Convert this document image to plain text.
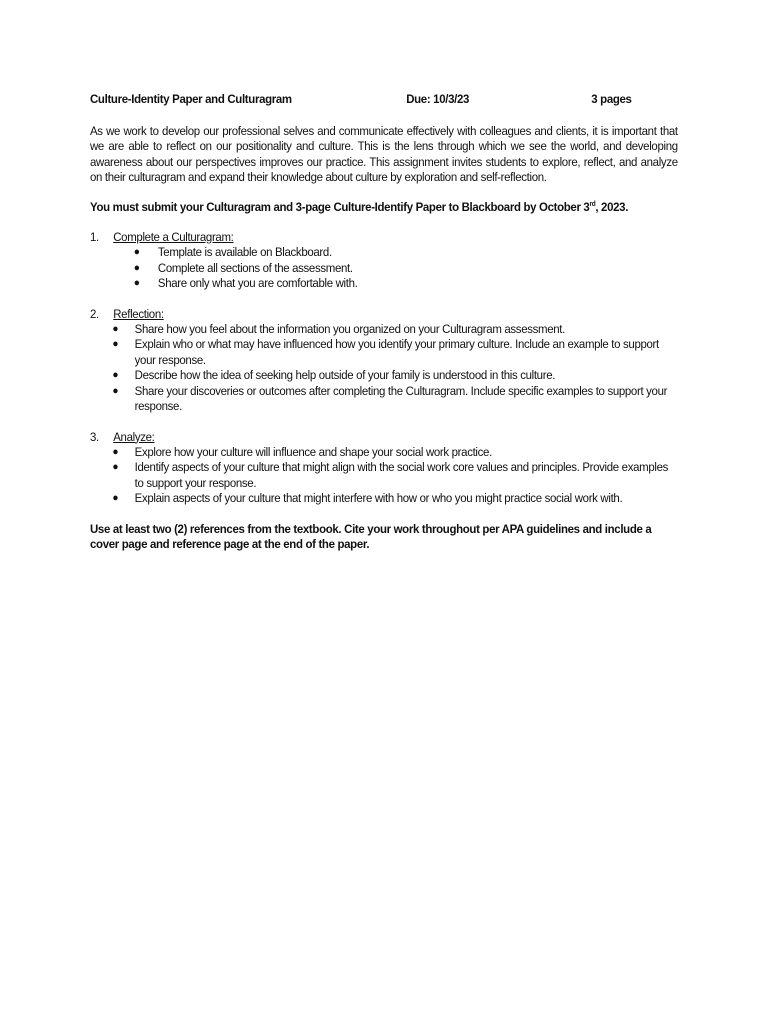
Culture-Identity Paper and Culturagram	Due: 10/3/23	3 pages
As we work to develop our professional selves and communicate effectively with colleagues and clients, it is important that we are able to reflect on our positionality and culture. This is the lens through which we see the world, and developing awareness about our perspectives improves our practice. This assignment invites students to explore, reflect, and analyze on their culturagram and expand their knowledge about culture by exploration and self-reflection.
You must submit your Culturagram and 3-page Culture-Identify Paper to Blackboard by October 3rd, 2023.
1. Complete a Culturagram:
● Template is available on Blackboard.
● Complete all sections of the assessment.
● Share only what you are comfortable with.
2. Reflection:
● Share how you feel about the information you organized on your Culturagram assessment.
● Explain who or what may have influenced how you identify your primary culture. Include an example to support your response.
● Describe how the idea of seeking help outside of your family is understood in this culture.
● Share your discoveries or outcomes after completing the Culturagram. Include specific examples to support your response.
3. Analyze:
● Explore how your culture will influence and shape your social work practice.
● Identify aspects of your culture that might align with the social work core values and principles. Provide examples to support your response.
● Explain aspects of your culture that might interfere with how or who you might practice social work with.
Use at least two (2) references from the textbook. Cite your work throughout per APA guidelines and include a cover page and reference page at the end of the paper.
